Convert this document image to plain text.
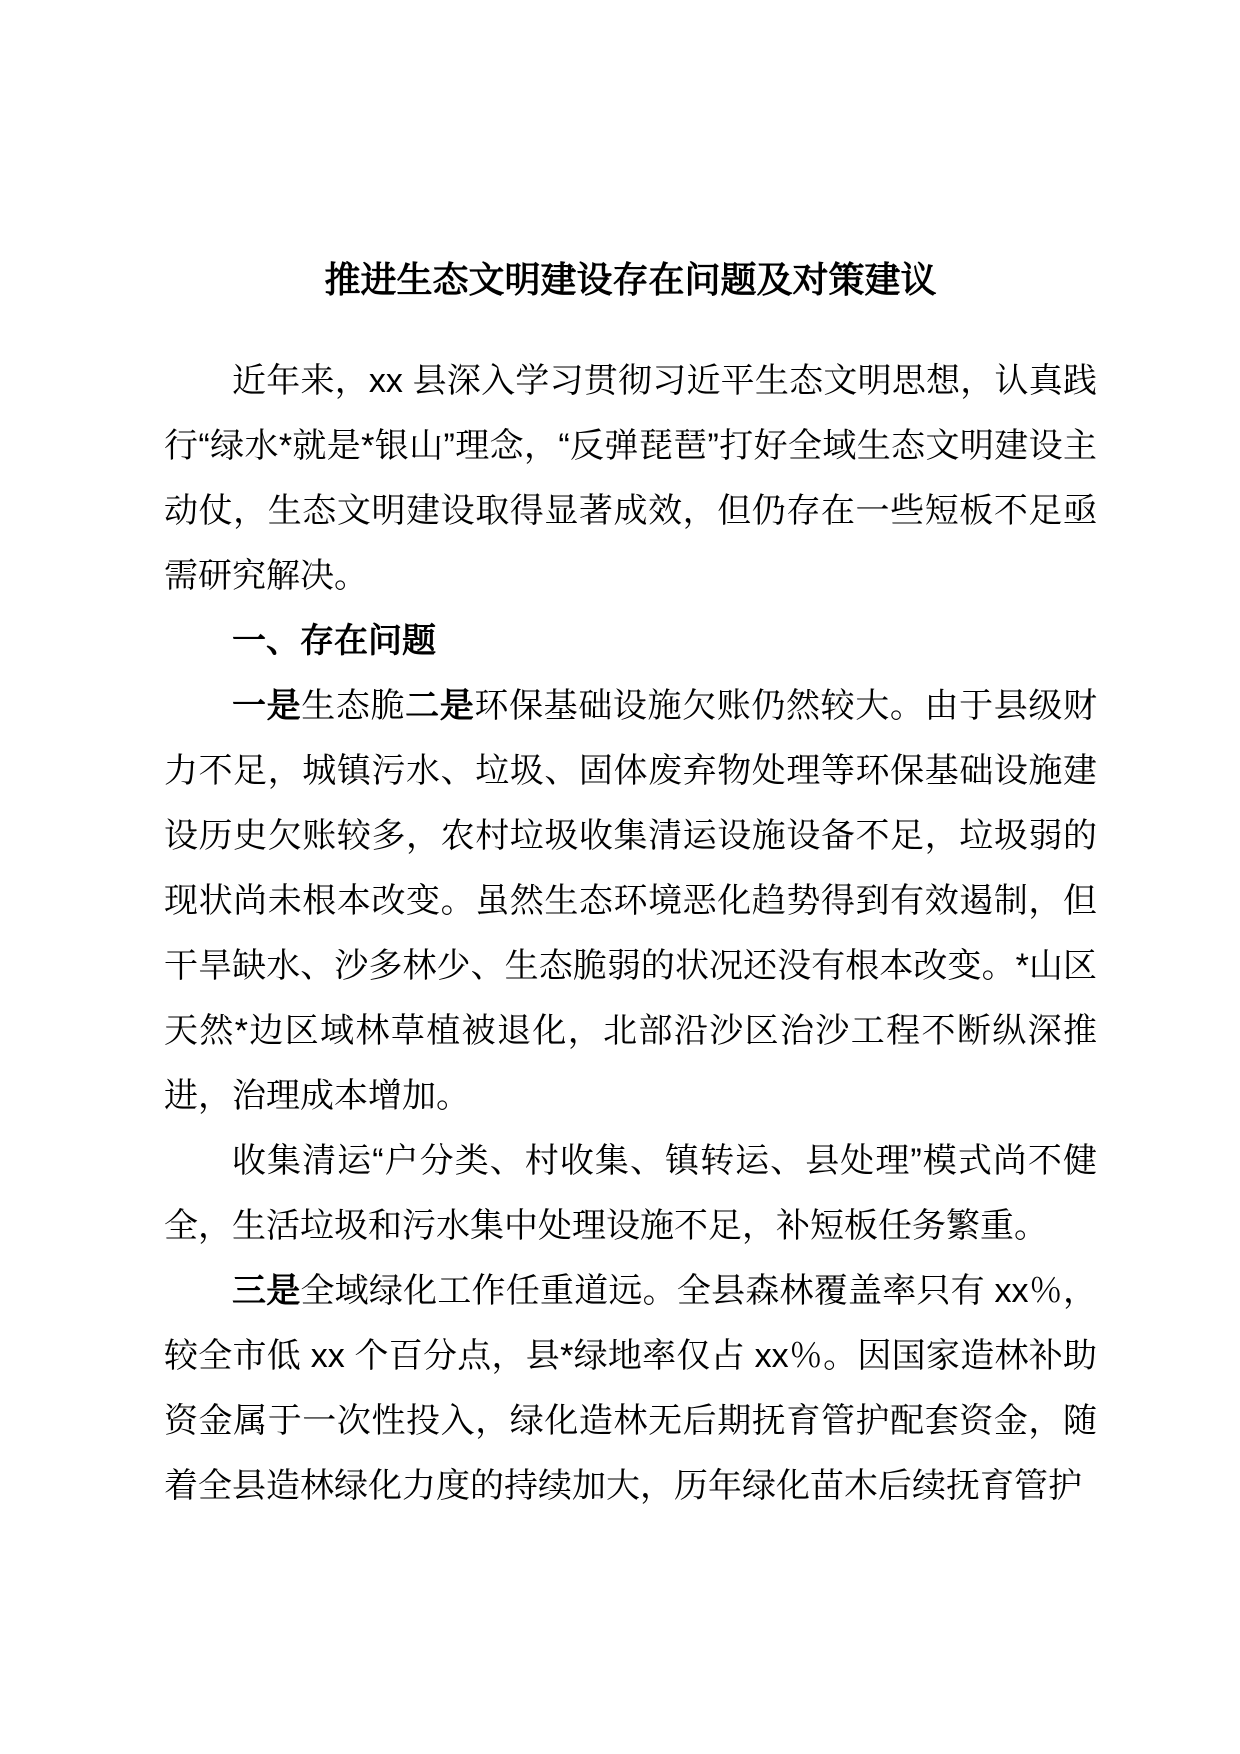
推进生态文明建设存在问题及对策建议

近年来，xx 县深入学习贯彻习近平生态文明思想，认真践行“绿水*就是*银山”理念，“反弹琵琶”打好全域生态文明建设主动仗，生态文明建设取得显著成效，但仍存在一些短板不足亟需研究解决。

一、存在问题

一是生态脆二是环保基础设施欠账仍然较大。由于县级财力不足，城镇污水、垃圾、固体废弃物处理等环保基础设施建设历史欠账较多，农村垃圾收集清运设施设备不足，垃圾弱的现状尚未根本改变。虽然生态环境恶化趋势得到有效遏制，但干旱缺水、沙多林少、生态脆弱的状况还没有根本改变。*山区天然*边区域林草植被退化，北部沿沙区治沙工程不断纵深推进，治理成本增加。

收集清运“户分类、村收集、镇转运、县处理”模式尚不健全，生活垃圾和污水集中处理设施不足，补短板任务繁重。

三是全域绿化工作任重道远。全县森林覆盖率只有 xx％，较全市低 xx 个百分点，县*绿地率仅占 xx％。因国家造林补助资金属于一次性投入，绿化造林无后期抚育管护配套资金，随着全县造林绿化力度的持续加大，历年绿化苗木后续抚育管护
